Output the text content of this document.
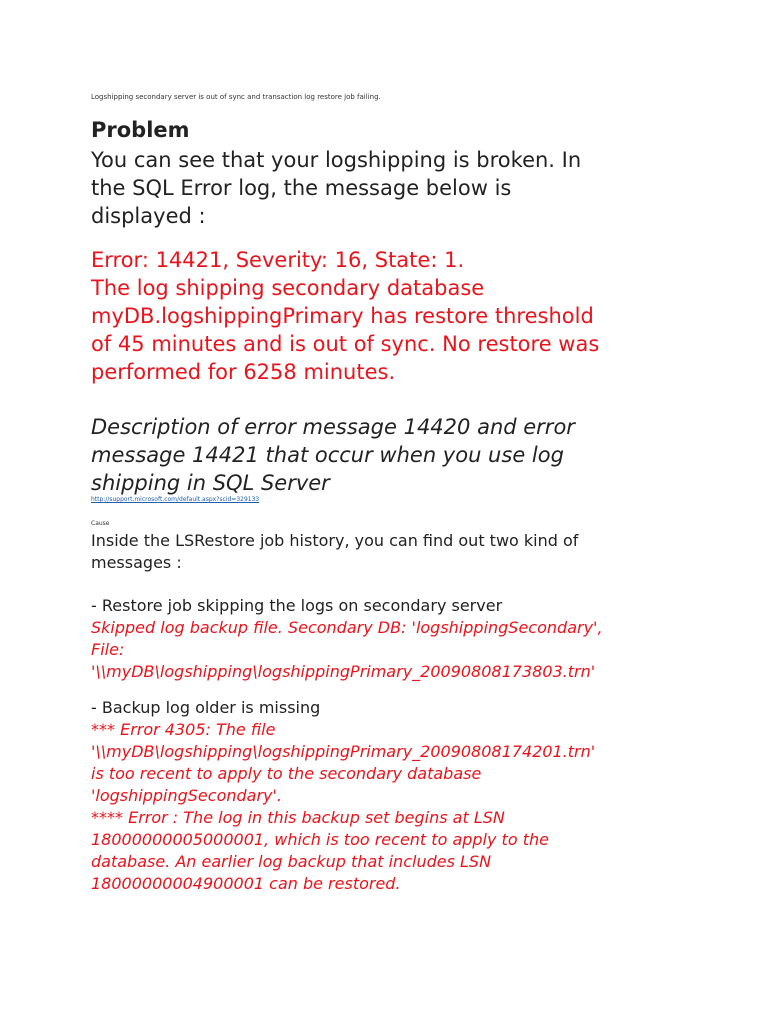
Logshipping secondary server is out of sync and transaction log restore job failing.
Problem
You can see that your logshipping is broken. In
the SQL Error log, the message below is
displayed :
Error: 14421, Severity: 16, State: 1.
The log shipping secondary database
myDB.logshippingPrimary has restore threshold
of 45 minutes and is out of sync. No restore was
performed for 6258 minutes.
Description of error message 14420 and error
message 14421 that occur when you use log
shipping in SQL Server
http://support.microsoft.com/default.aspx?scid=329133
Cause
Inside the LSRestore job history, you can find out two kind of
messages :
- Restore job skipping the logs on secondary server
Skipped log backup file. Secondary DB: 'logshippingSecondary',
File:
'\\myDB\logshipping\logshippingPrimary_20090808173803.trn'
- Backup log older is missing
*** Error 4305: The file
'\\myDB\logshipping\logshippingPrimary_20090808174201.trn'
is too recent to apply to the secondary database
'logshippingSecondary'.
**** Error : The log in this backup set begins at LSN
18000000005000001, which is too recent to apply to the
database. An earlier log backup that includes LSN
18000000004900001 can be restored.
